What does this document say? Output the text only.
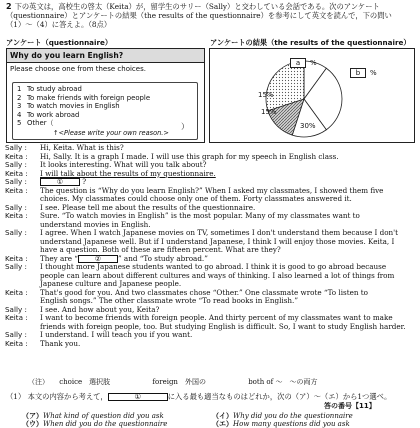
2 下の英文は，高校生の啓太（Keita）が，留学生のサリー（Sally）と交わしている会話である。次のアンケート
（questionnaire）とアンケートの結果（the results of the questionnaire）を参考にして英文を読んで，下の問い
（1）～（4）に答えよ。（8点）
アンケート（questionnaire）	アンケートの結果（the results of the questionnaire）
Why do you learn English?
Please choose one from these choices.
1 To study abroad
2 To make friends with foreign people
3 To watch movies in English
4 To work abroad
5 Other（	）
↑<Please write your own reason.>
a	%
b	%
15%
15%
30%
Sally :	Hi, Keita. What is this?
Keita :	Hi, Sally. It is a graph I made. I will use this graph for my speech in English class.
Sally :	It looks interesting. What will you talk about?
Keita :	I will talk about the results of my questionnaire.
Sally :	① ?
Keita :	The question is “Why do you learn English?” When I asked my classmates, I showed them five
choices. My classmates could choose only one of them. Forty classmates answered it.
Sally :	I see. Please tell me about the results of the questionnaire.
Keita :	Sure. “To watch movies in English” is the most popular. Many of my classmates want to
understand movies in English.
Sally :	I agree. When I watch Japanese movies on TV, sometimes I don't understand them because I don't
understand Japanese well. But if I understand Japanese, I think I will enjoy those movies. Keita, I
have a question. Both of these are fifteen percent. What are they?
Keita :	They are “ ② ” and “To study abroad.”
Sally :	I thought more Japanese students wanted to go abroad. I think it is good to go abroad because
people can learn about different cultures and ways of thinking. I also learned a lot of things from
Japanese culture and Japanese people.
Keita :	That's good for you. And two classmates chose “Other.” One classmate wrote “To listen to
English songs.” The other classmate wrote “To read books in English.”
Sally :	I see. And how about you, Keita?
Keita :	I want to become friends with foreign people. And thirty percent of my classmates want to make
friends with foreign people, too. But studying English is difficult. So, I want to study English harder.
Sally :	I understand. I will teach you if you want.
Keita :	Thank you.
（注） choice　選択肢	foreign　外国の	both of ～　～の両方
（1） 本文の内容から考えて，	①	に入る最も適当なものはどれか，次の（ア）～（エ）から1つ選べ。
答の番号【11】
（ア）What kind of question did you ask	（イ）Why did you do the questionnaire
（ウ）When did you do the questionnaire	（エ）How many questions did you ask
